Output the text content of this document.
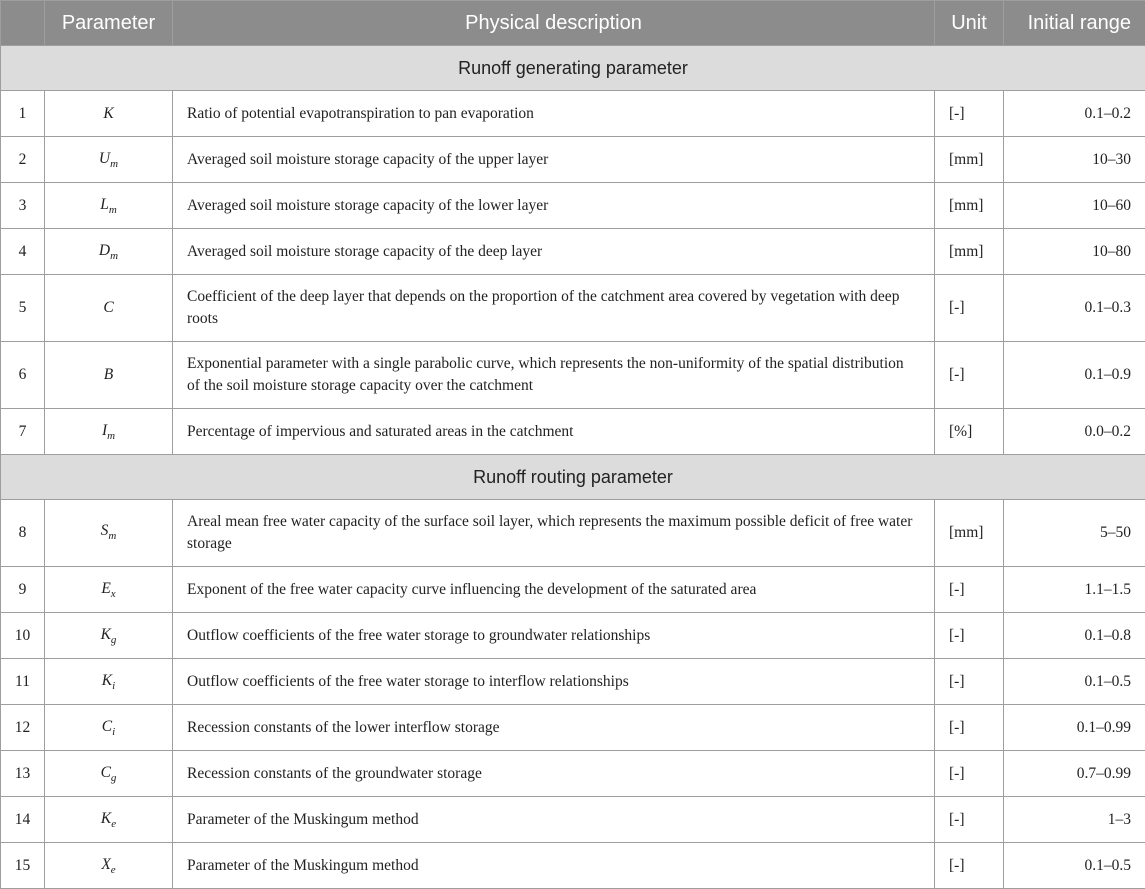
	Parameter	Physical description	Unit	Initial range
Runoff generating parameter				
1	K	Ratio of potential evapotranspiration to pan evaporation	[-]	0.1–0.2
2	$U_m$	Averaged soil moisture storage capacity of the upper layer	[mm]	10–30
3	$L_m$	Averaged soil moisture storage capacity of the lower layer	[mm]	10–60
4	$D_m$	Averaged soil moisture storage capacity of the deep layer	[mm]	10–80
5	C	Coefficient of the deep layer that depends on the proportion of the catchment area covered by vegetation with deep roots	[-]	0.1–0.3
6	B	Exponential parameter with a single parabolic curve, which represents the non-uniformity of the spatial distribution of the soil moisture storage capacity over the catchment	[-]	0.1–0.9
7	$I_m$	Percentage of impervious and saturated areas in the catchment	[%]	0.0–0.2
Runoff routing parameter				
8	$S_m$	Areal mean free water capacity of the surface soil layer, which represents the maximum possible deficit of free water storage	[mm]	5–50
9	$E_x$	Exponent of the free water capacity curve influencing the development of the saturated area	[-]	1.1–1.5
10	$K_g$	Outflow coefficients of the free water storage to groundwater relationships	[-]	0.1–0.8
11	$K_i$	Outflow coefficients of the free water storage to interflow relationships	[-]	0.1–0.5
12	$C_i$	Recession constants of the lower interflow storage	[-]	0.1–0.99
13	$C_g$	Recession constants of the groundwater storage	[-]	0.7–0.99
14	$K_e$	Parameter of the Muskingum method	[-]	1–3
15	$X_e$	Parameter of the Muskingum method	[-]	0.1–0.5
